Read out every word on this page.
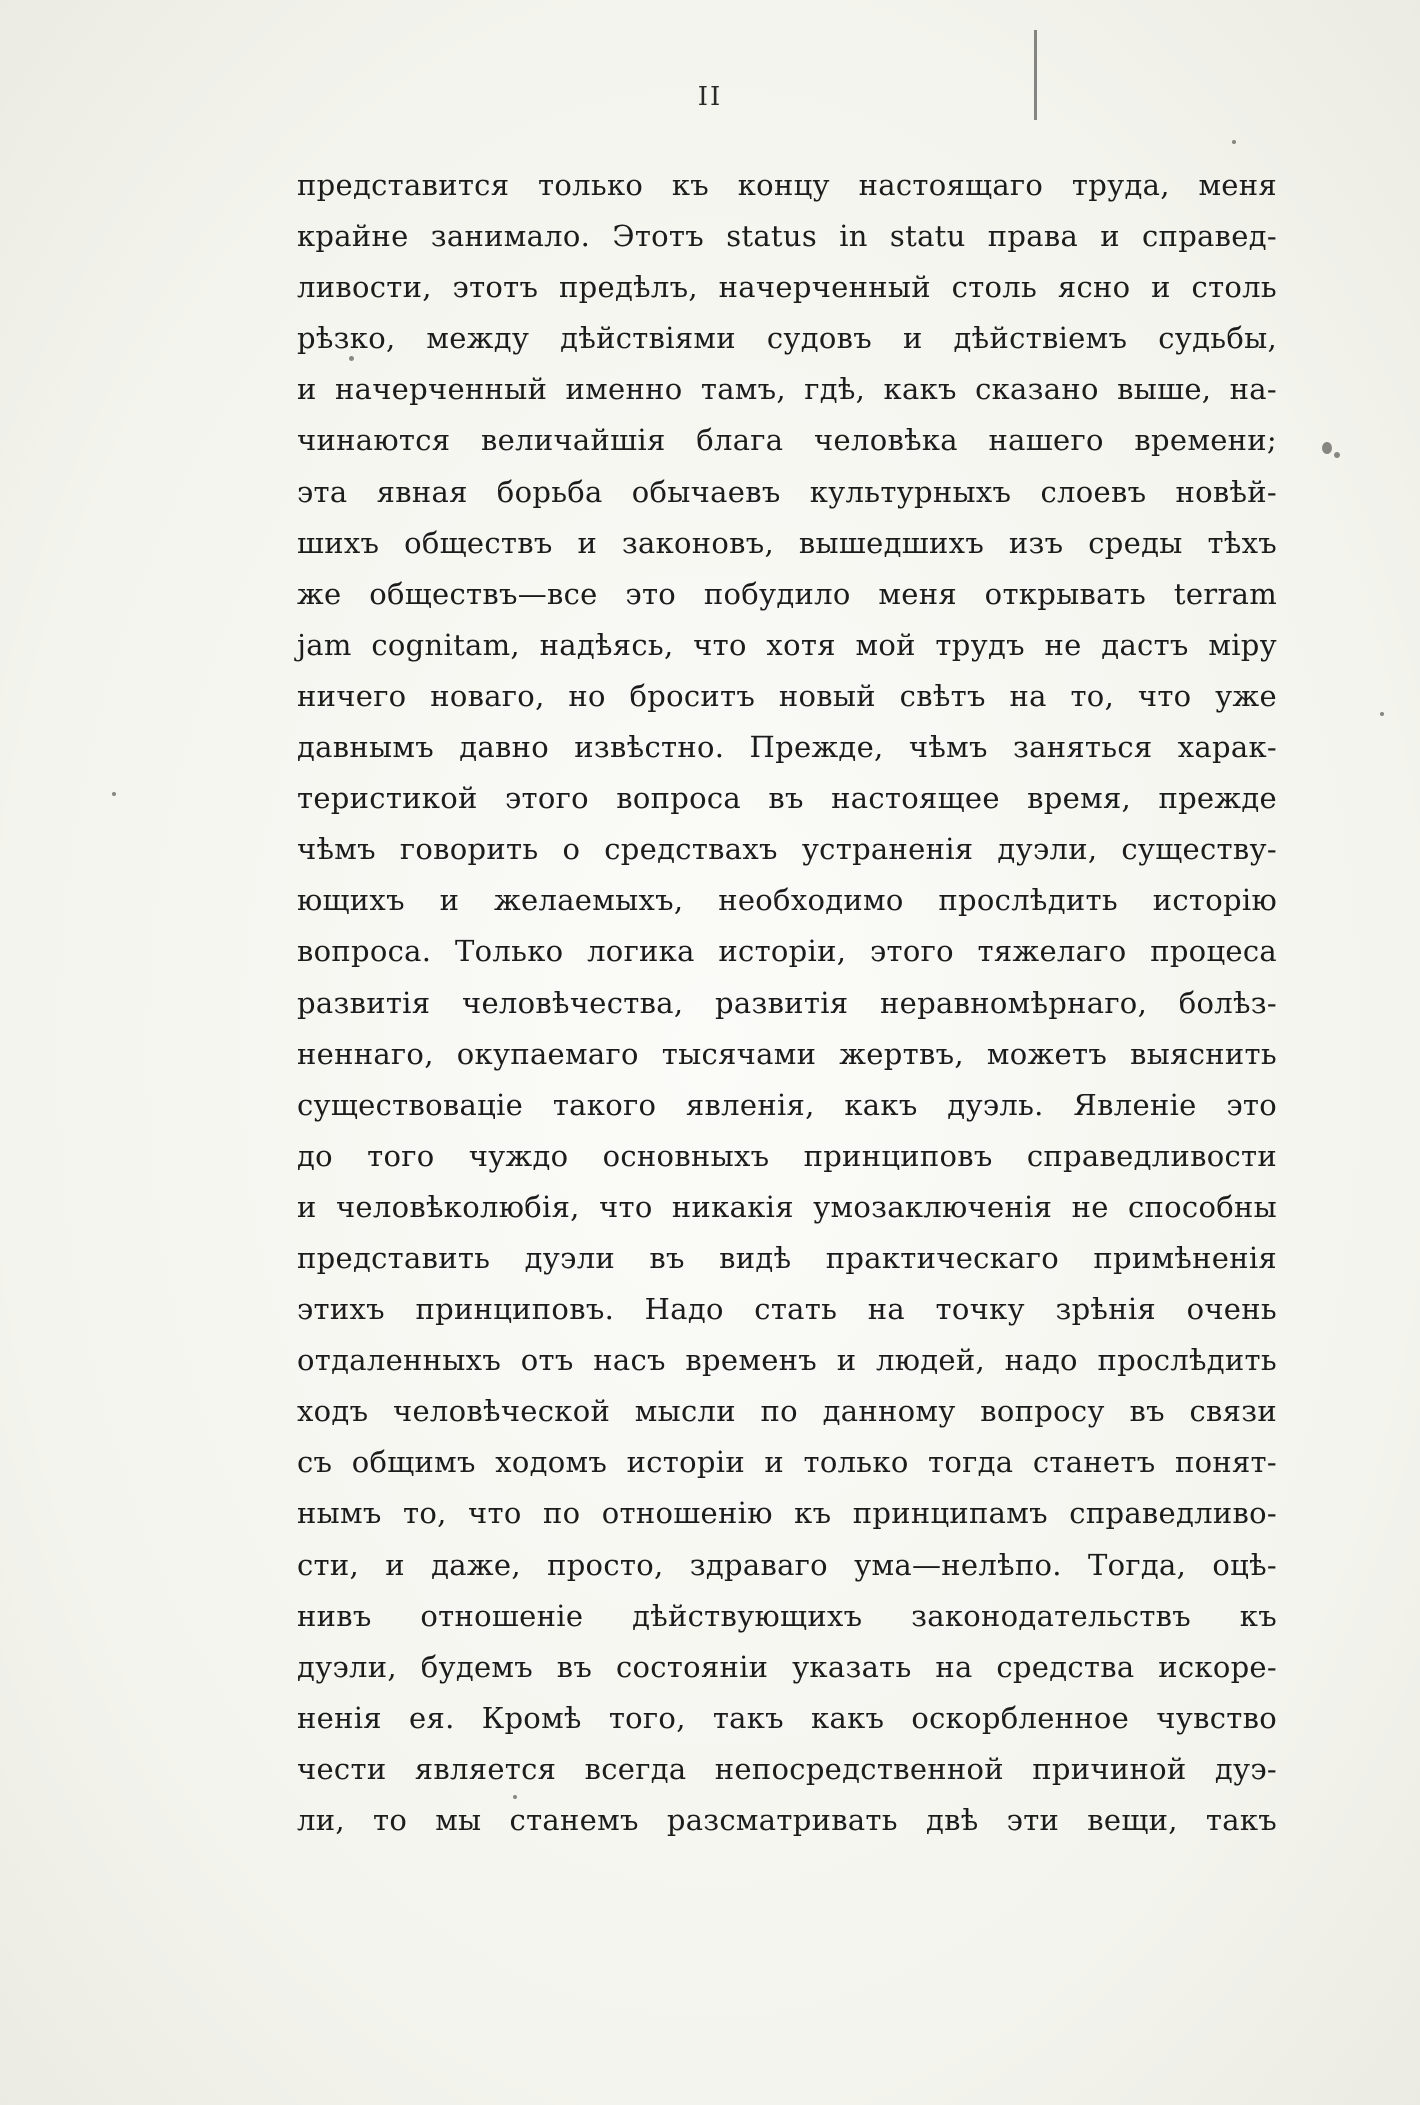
II
представится только къ концу настоящаго труда, меня
крайне занимало. Этотъ status in statu права и справед-
ливости, этотъ предѣлъ, начерченный столь ясно и столь
рѣзко, между дѣйствіями судовъ и дѣйствіемъ судьбы,
и начерченный именно тамъ, гдѣ, какъ сказано выше, на-
чинаются величайшія блага человѣка нашего времени;
эта явная борьба обычаевъ культурныхъ слоевъ новѣй-
шихъ обществъ и законовъ, вышедшихъ изъ среды тѣхъ
же обществъ—все это побудило меня открывать terram
jam cognitam, надѣясь, что хотя мой трудъ не дастъ міру
ничего новаго, но броситъ новый свѣтъ на то, что уже
давнымъ давно извѣстно. Прежде, чѣмъ заняться харак-
теристикой этого вопроса въ настоящее время, прежде
чѣмъ говорить о средствахъ устраненія дуэли, существу-
ющихъ и желаемыхъ, необходимо прослѣдить исторію
вопроса. Только логика исторіи, этого тяжелаго процеса
развитія человѣчества, развитія неравномѣрнаго, болѣз-
неннаго, окупаемаго тысячами жертвъ, можетъ выяснить
существоваціе такого явленія, какъ дуэль. Явленіе это
до того чуждо основныхъ принциповъ справедливости
и человѣколюбія, что никакія умозаключенія не способны
представить дуэли въ видѣ практическаго примѣненія
этихъ принциповъ. Надо стать на точку зрѣнія очень
отдаленныхъ отъ насъ временъ и людей, надо прослѣдить
ходъ человѣческой мысли по данному вопросу въ связи
съ общимъ ходомъ исторіи и только тогда станетъ понят-
нымъ то, что по отношенію къ принципамъ справедливо-
сти, и даже, просто, здраваго ума—нелѣпо. Тогда, оцѣ-
нивъ отношеніе дѣйствующихъ законодательствъ къ
дуэли, будемъ въ состояніи указать на средства искоре-
ненія ея. Кромѣ того, такъ какъ оскорбленное чувство
чести является всегда непосредственной причиной дуэ-
ли, то мы станемъ разсматривать двѣ эти вещи, такъ
